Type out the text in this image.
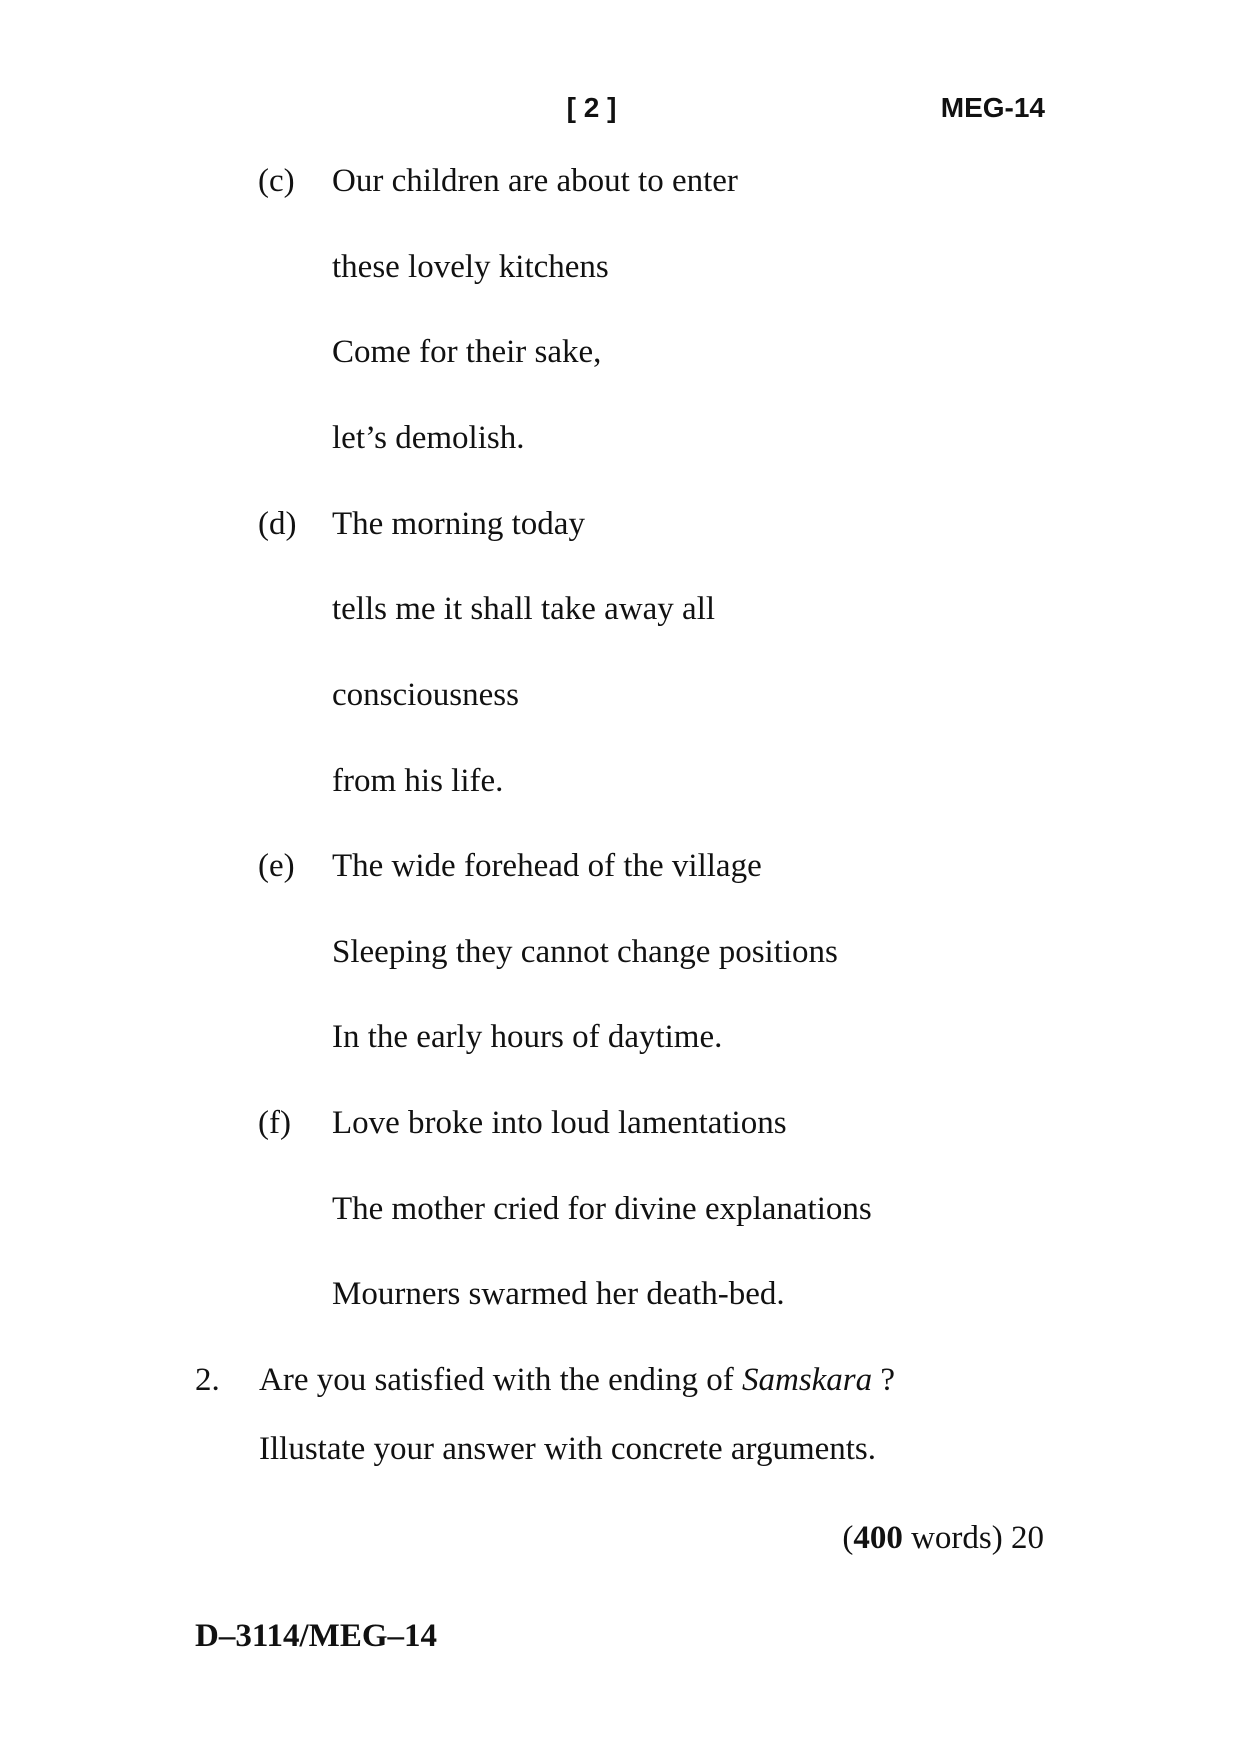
[ 2 ]	MEG-14
(c) Our children are about to enter
these lovely kitchens
Come for their sake,
let’s demolish.
(d) The morning today
tells me it shall take away all
consciousness
from his life.
(e) The wide forehead of the village
Sleeping they cannot change positions
In the early hours of daytime.
(f) Love broke into loud lamentations
The mother cried for divine explanations
Mourners swarmed her death-bed.
2. Are you satisfied with the ending of Samskara ?
Illustate your answer with concrete arguments.
(400 words) 20
D–3114/MEG–14
